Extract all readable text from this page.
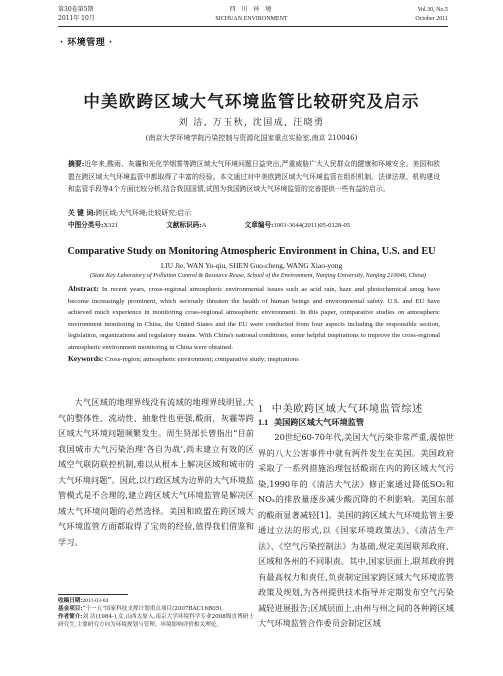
第30卷第5期
2011年 10月
四 川 环 境
SICHUAN ENVIRONMENT
Vol.30, No.5
October 2011
· 环境管理 ·
中美欧跨区域大气环境监管比较研究及启示
刘 洁, 万玉秋, 沈国成, 汪晓勇
(南京大学环境学院污染控制与资源化国家重点实验室,南京 210046)
摘要:近年来,酸雨、灰霾和光化学烟雾等跨区域大气环境问题日益突出,严重威胁广大人民群众的健康和环境安全。美国和欧盟在跨区域大气环境监管中都取得了丰富的经验。本文通过对中美欧跨区域大气环境监管在组织机制、法律法规、机构建设和监管手段等4个方面比较分析,结合我国国情,试图为我国跨区域大气环境监管的完善提供一些有益的启示。
关 键 词:跨区域;大气环境;比较研究;启示
中图分类号:X321	文献标识码:A	文章编号:1001-3644(2011)05-0128-05
Comparative Study on Monitoring Atmospheric Environment in China, U.S. and EU
LIU Jie, WAN Yu-qiu, SHEN Guo-cheng, WANG Xiao-yong
(State Key Laboratory of Pollution Control & Resource Reuse, School of the Environment, Nanjing University, Nanjing 210046, China)
Abstract: In recent years, cross-regional atmospheric environmental issues such as acid rain, haze and photochemical smog have become increasingly prominent, which seriously threaten the health of human beings and environmental safety. U.S. and EU have achieved much experience in monitoring cross-regional atmospheric environment. In this paper, comparative studies on atmospheric environment monitoring in China, the United States and the EU were conducted from four aspects including the responsible section, legislation, organizations and regulatory means. With China's national conditions, some helpful inspirations to improve the cross-regional atmospheric environment monitoring in China were obtained.
Keywords: Cross-region; atmospheric environment; comparative study; inspirations

大气区域的地理界线没有流域的地理界线明显,大气的整体性、流动性、抽象性也更强,酸雨、灰霾等跨区域大气环境问题频繁发生。周生贤部长曾指出“目前我国城市大气污染治理‘各自为战’,尚未建立有效的区域空气联防联控机制,难以从根本上解决区域和城市的大气环境问题”。因此,以行政区域为边界的大气环境监管模式是不合理的,建立跨区域大气环境监管是解决区域大气环境问题的必然选择。美国和欧盟在跨区域大气环境监管方面都取得了宝贵的经验,值得我们借鉴和学习。

收稿日期:2011-03-04
基金项目:“十一五”国家科技支撑计划重点项目(2007BAC16B05)。
作者简介:刘 洁(1984-),女,山西太原人,南京大学环境科学专业2008级直博研士研究生,主要研究方向为环境规划与管理、环境影响评价相关理论。
1 中美欧跨区域大气环境监管综述
1.1 美国跨区域大气环境监管

20世纪60-70年代,美国大气污染非常严重,震惊世界的八大公害事件中就有两件发生在美国。美国政府采取了一系列措施治理包括酸雨在内的跨区域大气污染,1990年的《清洁大气法》修正案通过降低SO₂和NOₓ的排放量逐步减少酸沉降的不利影响。美国东部的酸雨显著减轻[1]。美国的跨区域大气环境监管主要通过立法的形式,以《国家环境政策法》、《清洁生产法》、《空气污染控制法》为基础,规定美国联邦政府、区域和各州的不同职责。其中,国家层面上,联邦政府拥有最高权力和责任,负责制定国家跨区域大气环境监管政策及规划,为各州提供技术指导并定期发布空气污染减轻进展报告;区域层面上,由州与州之间的各种跨区域大气环境监管合作委员会制定区域
